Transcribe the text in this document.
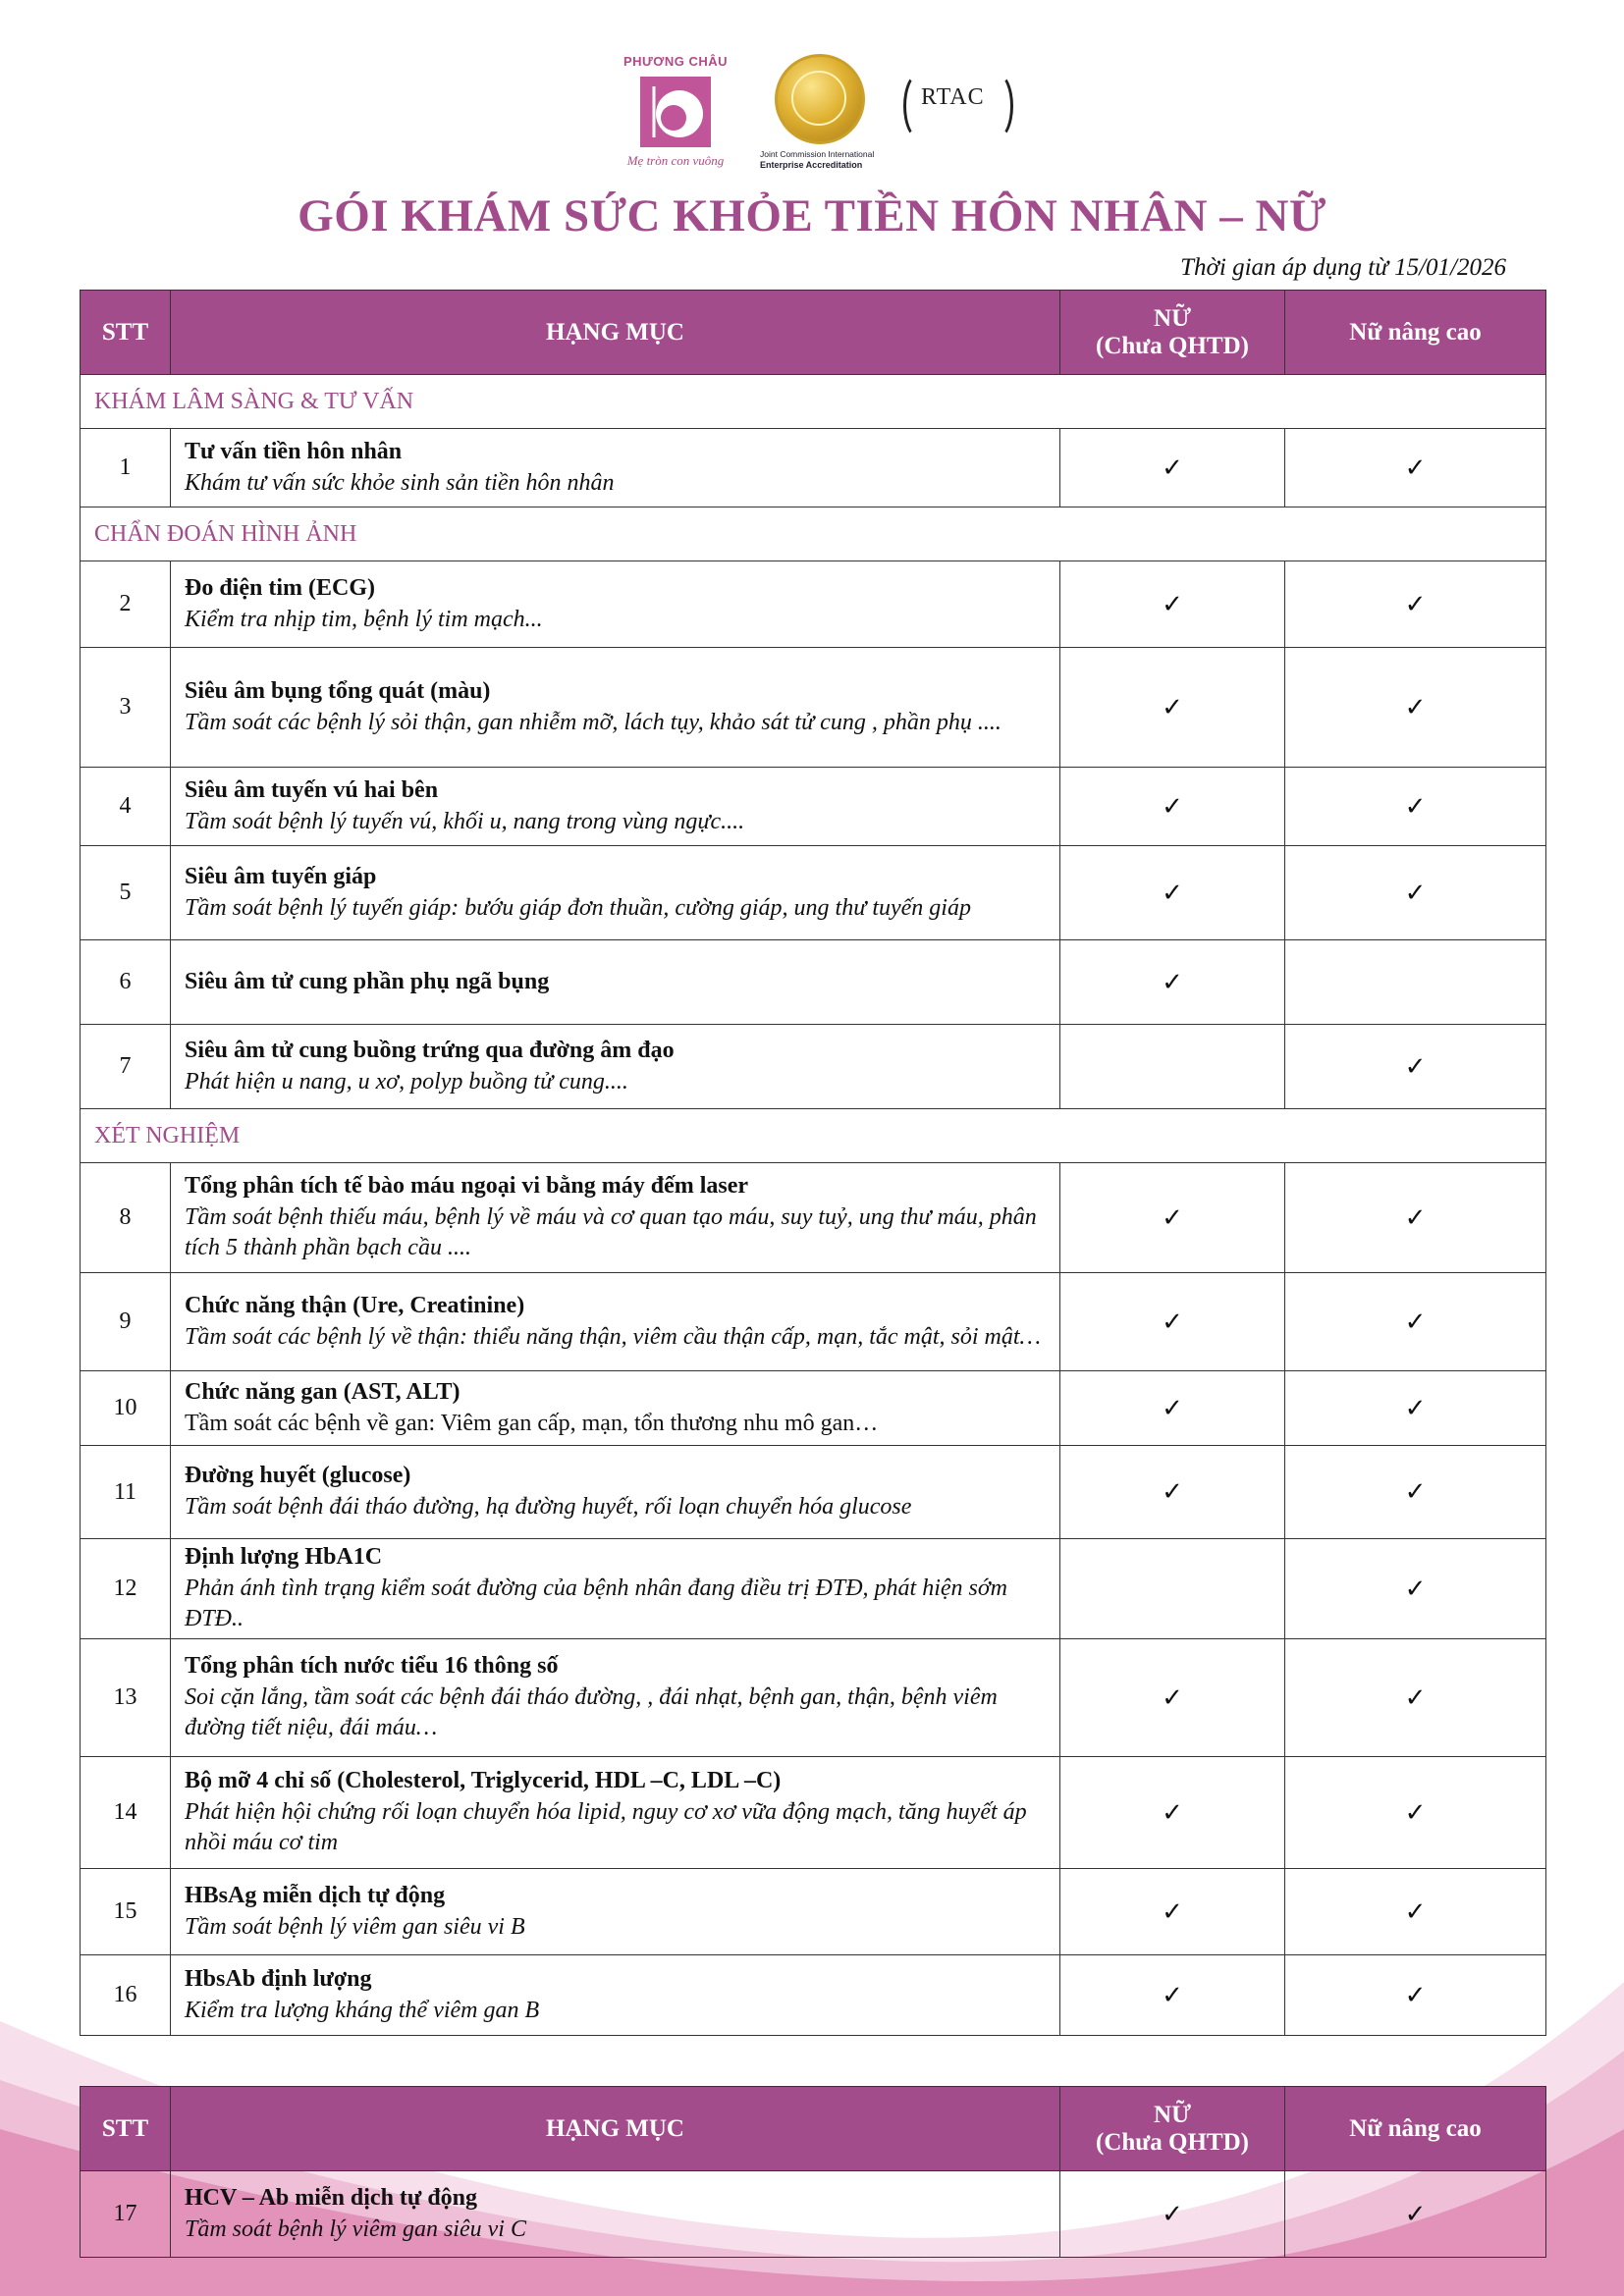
PHƯƠNG CHÂU
Mẹ tròn con vuông	Joint Commission International
Enterprise Accreditation
RTAC
GÓI KHÁM SỨC KHỎE TIỀN HÔN NHÂN – NỮ
Thời gian áp dụng từ 15/01/2026
STT	HẠNG MỤC	NỮ
(Chưa QHTD)	Nữ nâng cao
KHÁM LÂM SÀNG & TƯ VẤN			
1	Tư vấn tiền hôn nhân
Khám tư vấn sức khỏe sinh sản tiền hôn nhân	✓	✓
CHẨN ĐOÁN HÌNH ẢNH			
2	Đo điện tim (ECG)
Kiểm tra nhịp tim, bệnh lý tim mạch...	✓	✓
3	Siêu âm bụng tổng quát (màu)
Tầm soát các bệnh lý sỏi thận, gan nhiễm mỡ, lách tụy, khảo sát tử cung , phần phụ ....	✓	✓
4	Siêu âm tuyến vú hai bên
Tầm soát bệnh lý tuyến vú, khối u, nang trong vùng ngực....	✓	✓
5	Siêu âm tuyến giáp
Tầm soát bệnh lý tuyến giáp: bướu giáp đơn thuần, cường giáp, ung thư tuyến giáp	✓	✓
6	Siêu âm tử cung phần phụ ngã bụng	✓	
7	Siêu âm tử cung buồng trứng qua đường âm đạo
Phát hiện u nang, u xơ, polyp buồng tử cung....		✓
XÉT NGHIỆM			
8	Tổng phân tích tế bào máu ngoại vi bằng máy đếm laser
Tầm soát bệnh thiếu máu, bệnh lý về máu và cơ quan tạo máu, suy tuỷ, ung thư máu, phân tích 5 thành phần bạch cầu ....	✓	✓
9	Chức năng thận (Ure, Creatinine)
Tầm soát các bệnh lý về thận: thiểu năng thận, viêm cầu thận cấp, mạn, tắc mật, sỏi mật…	✓	✓
10	Chức năng gan (AST, ALT)
Tầm soát các bệnh về gan: Viêm gan cấp, mạn, tổn thương nhu mô gan…	✓	✓
11	Đường huyết (glucose)
Tầm soát bệnh đái tháo đường, hạ đường huyết, rối loạn chuyển hóa glucose	✓	✓
12	Định lượng HbA1C
Phản ánh tình trạng kiểm soát đường của bệnh nhân đang điều trị ĐTĐ, phát hiện sớm ĐTĐ..		✓
13	Tổng phân tích nước tiểu 16 thông số
Soi cặn lắng, tầm soát các bệnh đái tháo đường, , đái nhạt, bệnh gan, thận, bệnh viêm đường tiết niệu, đái máu…	✓	✓
14	Bộ mỡ 4 chỉ số (Cholesterol, Triglycerid, HDL –C, LDL –C)
Phát hiện hội chứng rối loạn chuyển hóa lipid, nguy cơ xơ vữa động mạch, tăng huyết áp nhồi máu cơ tim	✓	✓
15	HBsAg miễn dịch tự động
Tầm soát bệnh lý viêm gan siêu vi B	✓	✓
16	HbsAb định lượng
Kiểm tra lượng kháng thể viêm gan B	✓	✓
STT	HẠNG MỤC	NỮ
(Chưa QHTD)	Nữ nâng cao
17	HCV – Ab miễn dịch tự động
Tầm soát bệnh lý viêm gan siêu vi C	✓	✓
